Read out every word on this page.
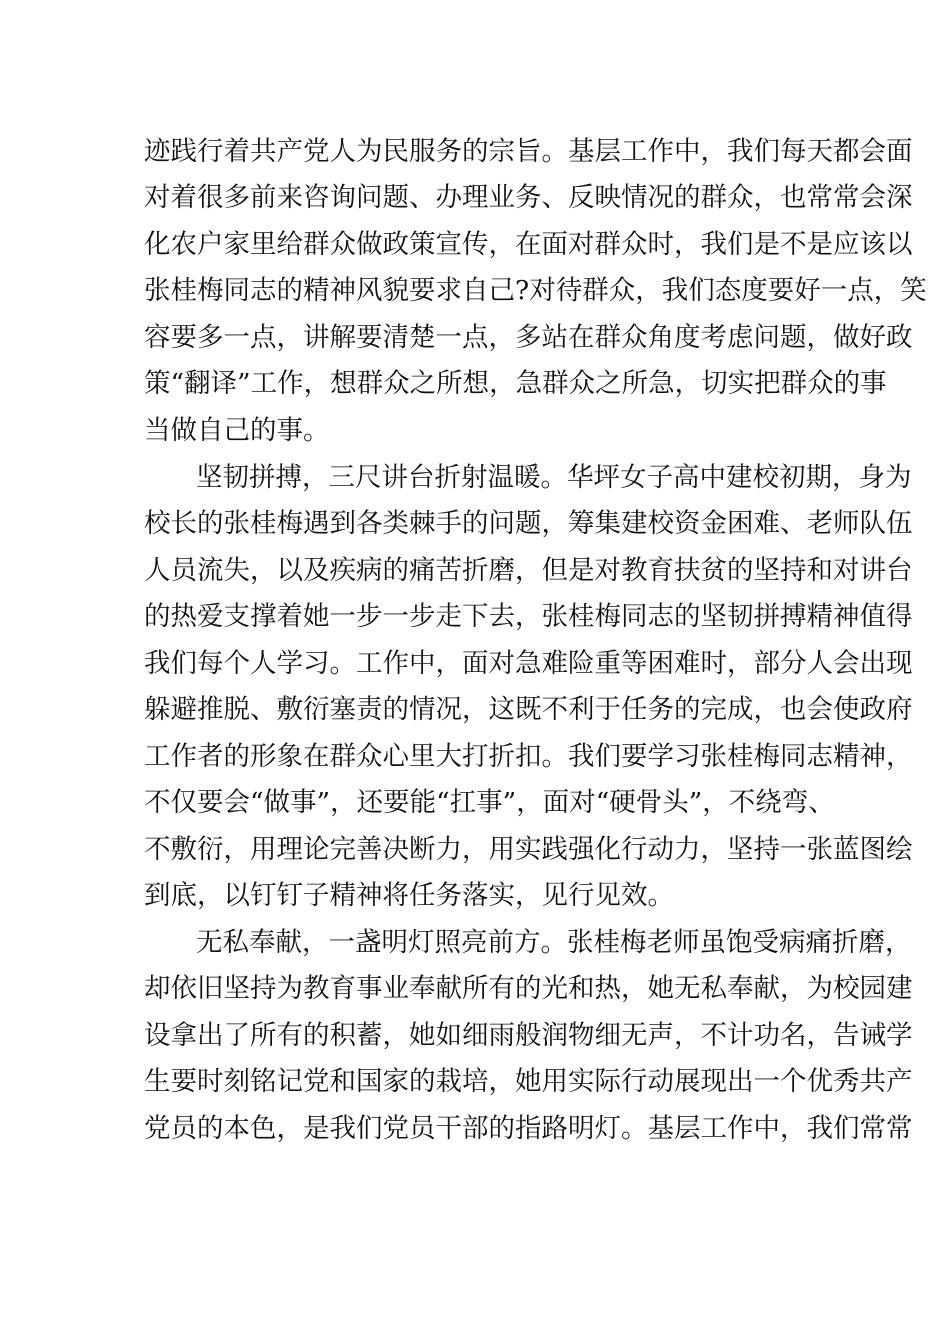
迹践行着共产党人为民服务的宗旨。基层工作中，我们每天都会面
对着很多前来咨询问题、办理业务、反映情况的群众，也常常会深
化农户家里给群众做政策宣传，在面对群众时，我们是不是应该以
张桂梅同志的精神风貌要求自己?对待群众，我们态度要好一点，笑
容要多一点，讲解要清楚一点，多站在群众角度考虑问题，做好政
策“翻译”工作，想群众之所想，急群众之所急，切实把群众的事
当做自己的事。
坚韧拼搏，三尺讲台折射温暖。华坪女子高中建校初期，身为
校长的张桂梅遇到各类棘手的问题，筹集建校资金困难、老师队伍
人员流失，以及疾病的痛苦折磨，但是对教育扶贫的坚持和对讲台
的热爱支撑着她一步一步走下去，张桂梅同志的坚韧拼搏精神值得
我们每个人学习。工作中，面对急难险重等困难时，部分人会出现
躲避推脱、敷衍塞责的情况，这既不利于任务的完成，也会使政府
工作者的形象在群众心里大打折扣。我们要学习张桂梅同志精神，
不仅要会“做事”，还要能“扛事”，面对“硬骨头”，不绕弯、
不敷衍，用理论完善决断力，用实践强化行动力，坚持一张蓝图绘
到底，以钉钉子精神将任务落实，见行见效。
无私奉献，一盏明灯照亮前方。张桂梅老师虽饱受病痛折磨，
却依旧坚持为教育事业奉献所有的光和热，她无私奉献，为校园建
设拿出了所有的积蓄，她如细雨般润物细无声，不计功名，告诫学
生要时刻铭记党和国家的栽培，她用实际行动展现出一个优秀共产
党员的本色，是我们党员干部的指路明灯。基层工作中，我们常常
